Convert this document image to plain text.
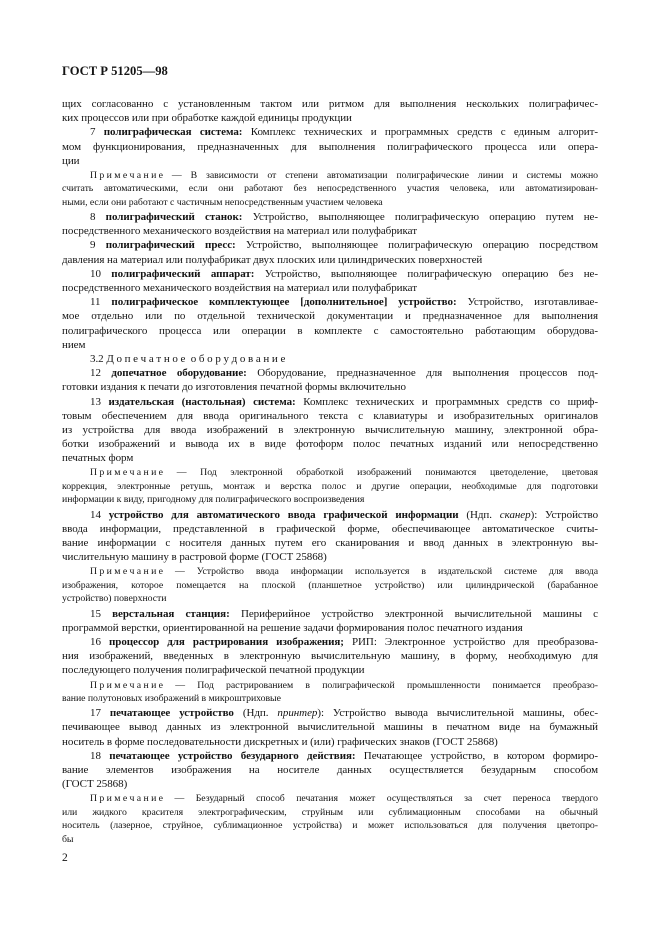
ГОСТ Р 51205—98
щих согласованно с установленным тактом или ритмом для выполнения нескольких полиграфичес-
ких процессов или при обработке каждой единицы продукции
7 полиграфическая система: Комплекс технических и программных средств с единым алгорит-
мом функционирования, предназначенных для выполнения полиграфического процесса или опера-
ции
П р и м е ч а н и е — В зависимости от степени автоматизации полиграфические линии и системы можно
считать автоматическими, если они работают без непосредственного участия человека, или автоматизирован-
ными, если они работают с частичным непосредственным участием человека
8 полиграфический станок: Устройство, выполняющее полиграфическую операцию путем не-
посредственного механического воздействия на материал или полуфабрикат
9 полиграфический пресс: Устройство, выполняющее полиграфическую операцию посредством
давления на материал или полуфабрикат двух плоских или цилиндрических поверхностей
10 полиграфический аппарат: Устройство, выполняющее полиграфическую операцию без не-
посредственного механического воздействия на материал или полуфабрикат
11 полиграфическое комплектующее [дополнительное] устройство: Устройство, изготавливае-
мое отдельно или по отдельной технической документации и предназначенное для выполнения
полиграфического процесса или операции в комплекте с самостоятельно работающим оборудова-
нием
3.2 Д о п е ч а т н о е  о б о р у д о в а н и е
12 допечатное оборудование: Оборудование, предназначенное для выполнения процессов под-
готовки издания к печати до изготовления печатной формы включительно
13 издательская (настольная) система: Комплекс технических и программных средств со шриф-
товым обеспечением для ввода оригинального текста с клавиатуры и изобразительных оригиналов
из устройства для ввода изображений в электронную вычислительную машину, электронной обра-
ботки изображений и вывода их в виде фотоформ полос печатных изданий или непосредственно
печатных форм
П р и м е ч а н и е — Под электронной обработкой изображений понимаются цветоделение, цветовая
коррекция, электронные ретушь, монтаж и верстка полос и другие операции, необходимые для подготовки
информации к виду, пригодному для полиграфического воспроизведения
14 устройство для автоматического ввода графической информации (Ндп. сканер): Устройство
ввода информации, представленной в графической форме, обеспечивающее автоматическое считы-
вание информации с носителя данных путем его сканирования и ввод данных в электронную вы-
числительную машину в растровой форме (ГОСТ 25868)
П р и м е ч а н и е — Устройство ввода информации используется в издательской системе для ввода
изображения, которое помещается на плоской (планшетное устройство) или цилиндрической (барабанное
устройство) поверхности
15 верстальная станция: Периферийное устройство электронной вычислительной машины с
программой верстки, ориентированной на решение задачи формирования полос печатного издания
16 процессор для растрирования изображения; РИП: Электронное устройство для преобразова-
ния изображений, введенных в электронную вычислительную машину, в форму, необходимую для
последующего получения полиграфической печатной продукции
П р и м е ч а н и е — Под растрированием в полиграфической промышленности понимается преобразо-
вание полутоновых изображений в микроштриховые
17 печатающее устройство (Ндп. принтер): Устройство вывода вычислительной машины, обес-
печивающее вывод данных из электронной вычислительной машины в печатном виде на бумажный
носитель в форме последовательности дискретных и (или) графических знаков (ГОСТ 25868)
18 печатающее устройство безударного действия: Печатающее устройство, в котором формиро-
вание элементов изображения на носителе данных осуществляется безударным способом
(ГОСТ 25868)
П р и м е ч а н и е — Безударный способ печатания может осуществляться за счет переноса твердого
или жидкого красителя электрографическим, струйным или сублимационным способами на обычный
носитель (лазерное, струйное, сублимационное устройства) и может использоваться для получения цветопро-
бы
2
